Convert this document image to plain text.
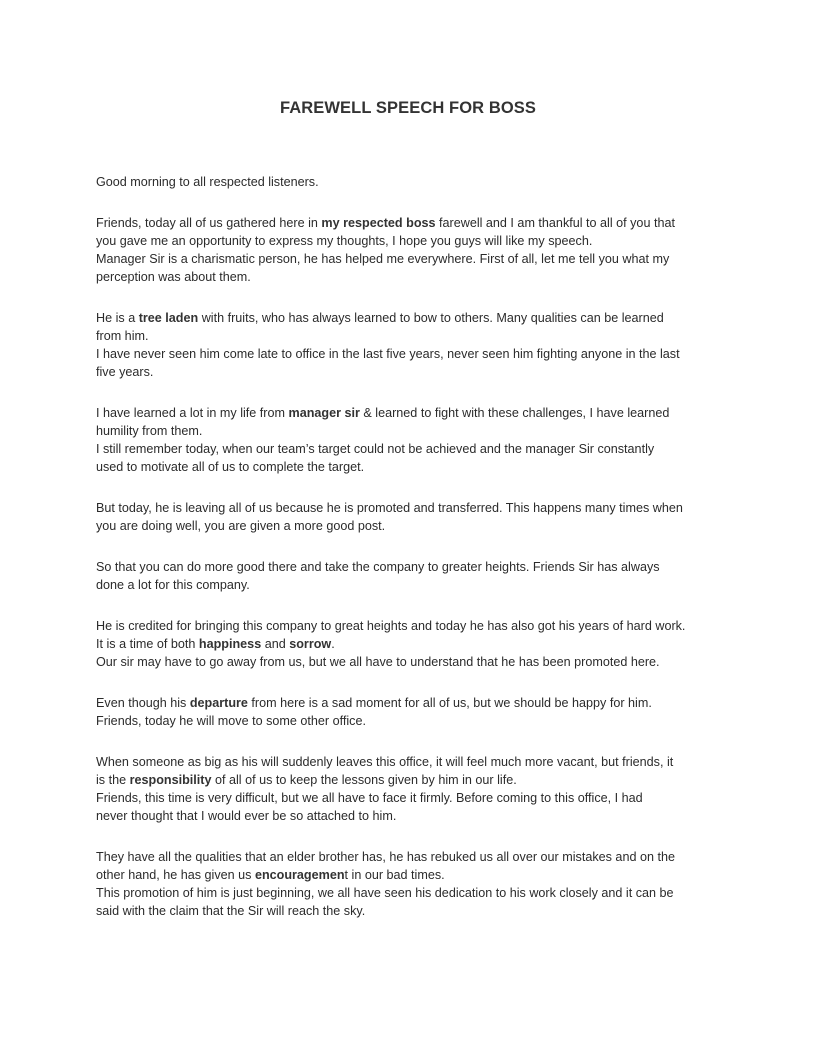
FAREWELL SPEECH FOR BOSS

Good morning to all respected listeners.

Friends, today all of us gathered here in my respected boss farewell and I am thankful to all of you that
you gave me an opportunity to express my thoughts, I hope you guys will like my speech.
Manager Sir is a charismatic person, he has helped me everywhere. First of all, let me tell you what my
perception was about them.

He is a tree laden with fruits, who has always learned to bow to others. Many qualities can be learned
from him.
I have never seen him come late to office in the last five years, never seen him fighting anyone in the last
five years.

I have learned a lot in my life from manager sir & learned to fight with these challenges, I have learned
humility from them.
I still remember today, when our team’s target could not be achieved and the manager Sir constantly
used to motivate all of us to complete the target.

But today, he is leaving all of us because he is promoted and transferred. This happens many times when
you are doing well, you are given a more good post.

So that you can do more good there and take the company to greater heights. Friends Sir has always
done a lot for this company.

He is credited for bringing this company to great heights and today he has also got his years of hard work.
It is a time of both happiness and sorrow.
Our sir may have to go away from us, but we all have to understand that he has been promoted here.

Even though his departure from here is a sad moment for all of us, but we should be happy for him.
Friends, today he will move to some other office.

When someone as big as his will suddenly leaves this office, it will feel much more vacant, but friends, it
is the responsibility of all of us to keep the lessons given by him in our life.
Friends, this time is very difficult, but we all have to face it firmly. Before coming to this office, I had
never thought that I would ever be so attached to him.

They have all the qualities that an elder brother has, he has rebuked us all over our mistakes and on the
other hand, he has given us encouragement in our bad times.
This promotion of him is just beginning, we all have seen his dedication to his work closely and it can be
said with the claim that the Sir will reach the sky.
